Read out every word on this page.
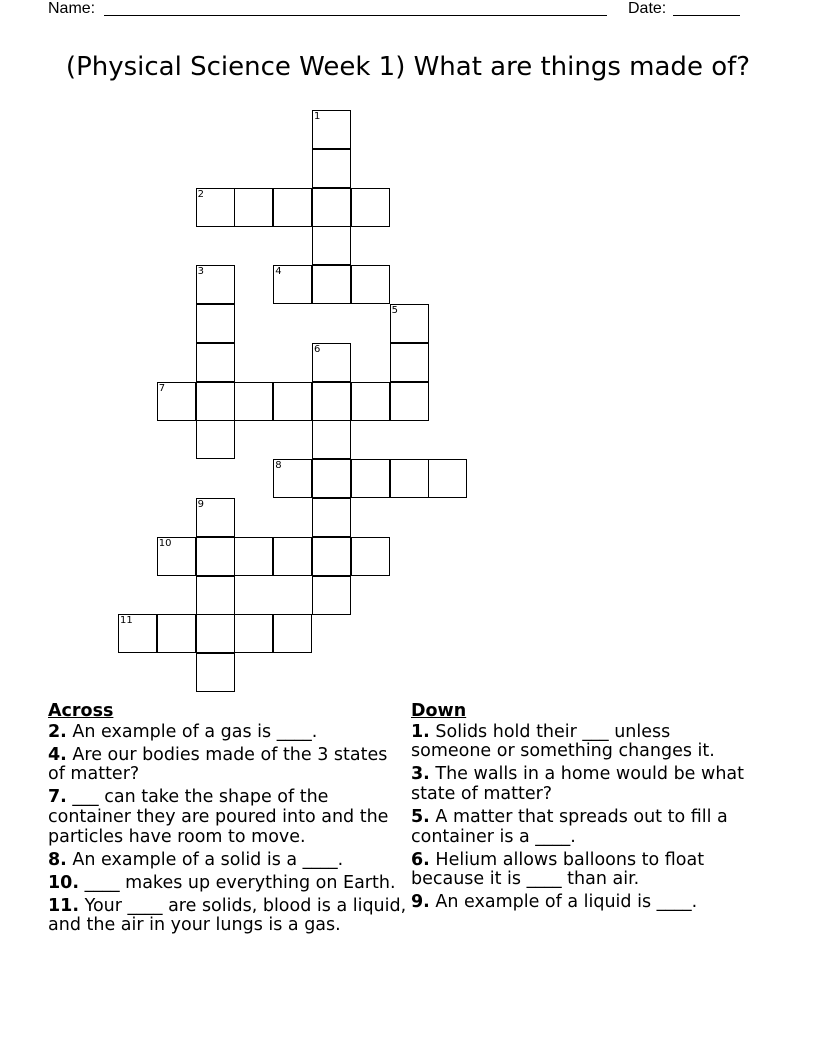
Name:	Date:
(Physical Science Week 1) What are things made of?
1
2
3	4
5
6
7
8
9
10
11
Across
2. An example of a gas is ____.
4. Are our bodies made of the 3 states of matter?
7. ___ can take the shape of the container they are poured into and the particles have room to move.
8. An example of a solid is a ____.
10. ____ makes up everything on Earth.
11. Your ____ are solids, blood is a liquid, and the air in your lungs is a gas.
Down
1. Solids hold their ___ unless someone or something changes it.
3. The walls in a home would be what state of matter?
5. A matter that spreads out to fill a container is a ____.
6. Helium allows balloons to float because it is ____ than air.
9. An example of a liquid is ____.
